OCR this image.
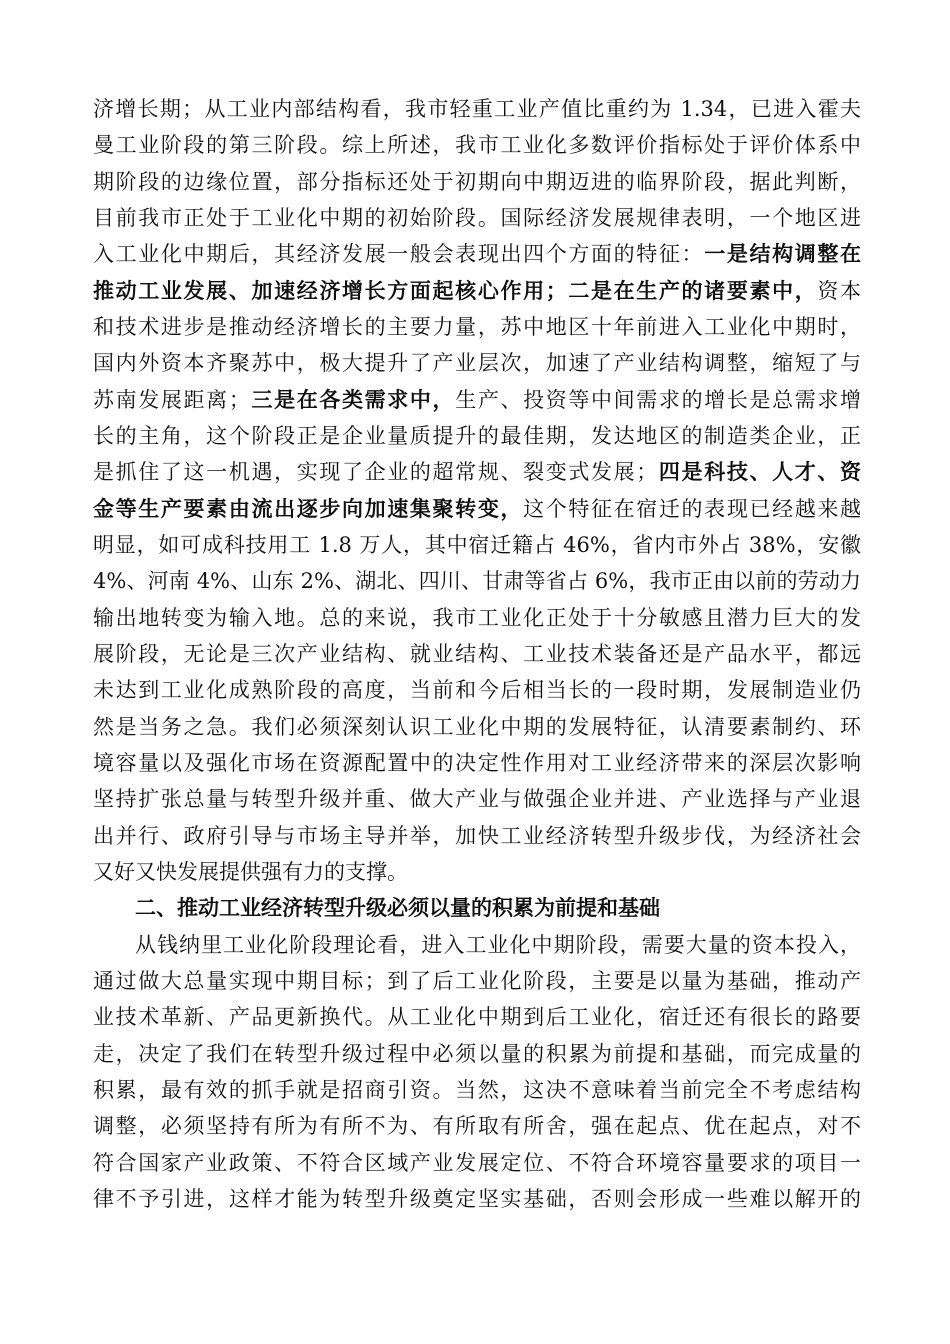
济增长期；从工业内部结构看，我市轻重工业产值比重约为 1.34，已进入霍夫
曼工业阶段的第三阶段。综上所述，我市工业化多数评价指标处于评价体系中
期阶段的边缘位置，部分指标还处于初期向中期迈进的临界阶段，据此判断，
目前我市正处于工业化中期的初始阶段。国际经济发展规律表明，一个地区进
入工业化中期后，其经济发展一般会表现出四个方面的特征：一是结构调整在
推动工业发展、加速经济增长方面起核心作用；二是在生产的诸要素中，资本
和技术进步是推动经济增长的主要力量，苏中地区十年前进入工业化中期时，
国内外资本齐聚苏中，极大提升了产业层次，加速了产业结构调整，缩短了与
苏南发展距离；三是在各类需求中，生产、投资等中间需求的增长是总需求增
长的主角，这个阶段正是企业量质提升的最佳期，发达地区的制造类企业，正
是抓住了这一机遇，实现了企业的超常规、裂变式发展；四是科技、人才、资
金等生产要素由流出逐步向加速集聚转变，这个特征在宿迁的表现已经越来越
明显，如可成科技用工 1.8 万人，其中宿迁籍占 46%，省内市外占 38%，安徽
4%、河南 4%、山东 2%、湖北、四川、甘肃等省占 6%，我市正由以前的劳动力
输出地转变为输入地。总的来说，我市工业化正处于十分敏感且潜力巨大的发
展阶段，无论是三次产业结构、就业结构、工业技术装备还是产品水平，都远
未达到工业化成熟阶段的高度，当前和今后相当长的一段时期，发展制造业仍
然是当务之急。我们必须深刻认识工业化中期的发展特征，认清要素制约、环
境容量以及强化市场在资源配置中的决定性作用对工业经济带来的深层次影响
坚持扩张总量与转型升级并重、做大产业与做强企业并进、产业选择与产业退
出并行、政府引导与市场主导并举，加快工业经济转型升级步伐，为经济社会
又好又快发展提供强有力的支撑。
二、推动工业经济转型升级必须以量的积累为前提和基础
从钱纳里工业化阶段理论看，进入工业化中期阶段，需要大量的资本投入，
通过做大总量实现中期目标；到了后工业化阶段，主要是以量为基础，推动产
业技术革新、产品更新换代。从工业化中期到后工业化，宿迁还有很长的路要
走，决定了我们在转型升级过程中必须以量的积累为前提和基础，而完成量的
积累，最有效的抓手就是招商引资。当然，这决不意味着当前完全不考虑结构
调整，必须坚持有所为有所不为、有所取有所舍，强在起点、优在起点，对不
符合国家产业政策、不符合区域产业发展定位、不符合环境容量要求的项目一
律不予引进，这样才能为转型升级奠定坚实基础，否则会形成一些难以解开的
